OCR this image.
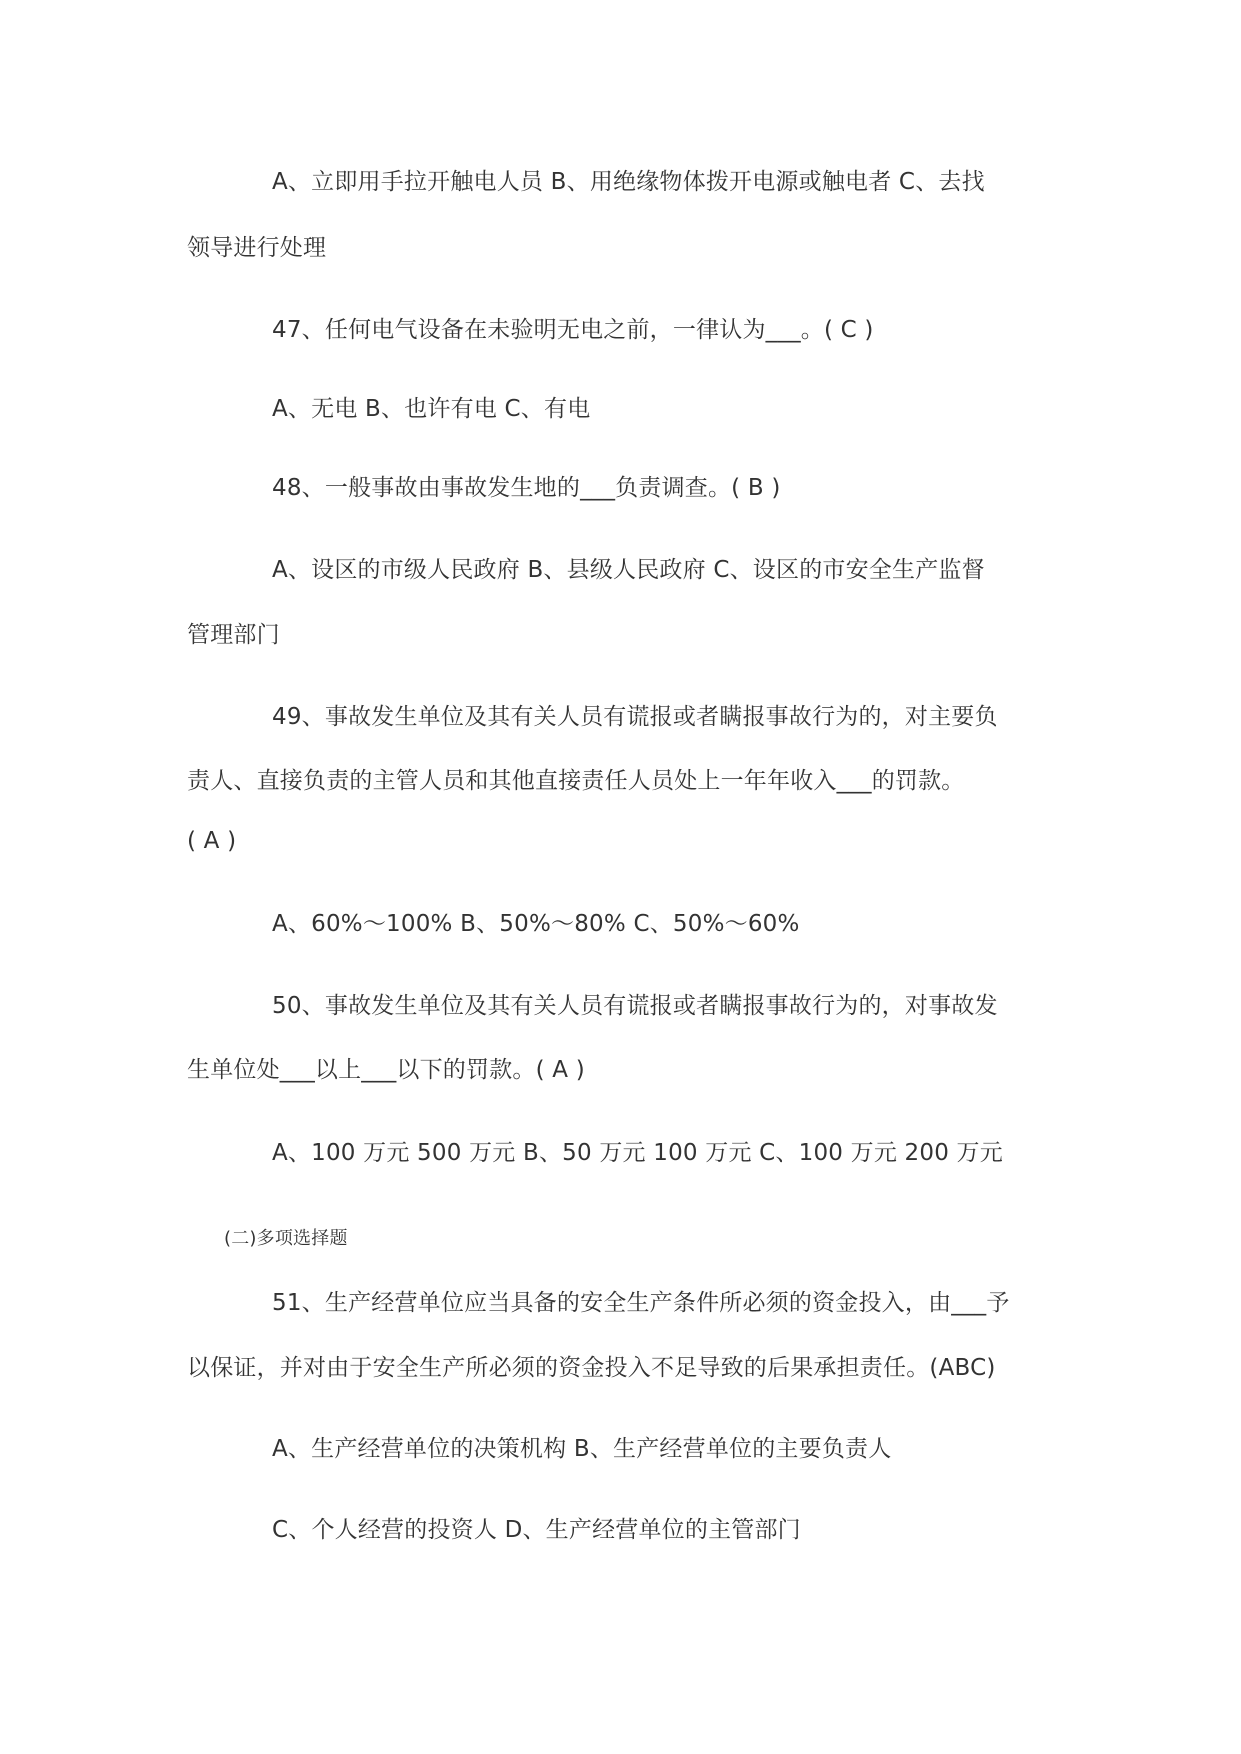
A、立即用手拉开触电人员 B、用绝缘物体拨开电源或触电者 C、去找
领导进行处理
47、任何电气设备在未验明无电之前，一律认为___。( C )
A、无电 B、也许有电 C、有电
48、一般事故由事故发生地的___负责调查。( B )
A、设区的市级人民政府 B、县级人民政府 C、设区的市安全生产监督
管理部门
49、事故发生单位及其有关人员有谎报或者瞒报事故行为的，对主要负
责人、直接负责的主管人员和其他直接责任人员处上一年年收入___的罚款。
( A )
A、60%～100% B、50%～80% C、50%～60%
50、事故发生单位及其有关人员有谎报或者瞒报事故行为的，对事故发
生单位处___以上___以下的罚款。( A )
A、100 万元 500 万元 B、50 万元 100 万元 C、100 万元 200 万元
(二)多项选择题
51、生产经营单位应当具备的安全生产条件所必须的资金投入，由___予
以保证，并对由于安全生产所必须的资金投入不足导致的后果承担责任。(ABC)
A、生产经营单位的决策机构 B、生产经营单位的主要负责人
C、个人经营的投资人 D、生产经营单位的主管部门
